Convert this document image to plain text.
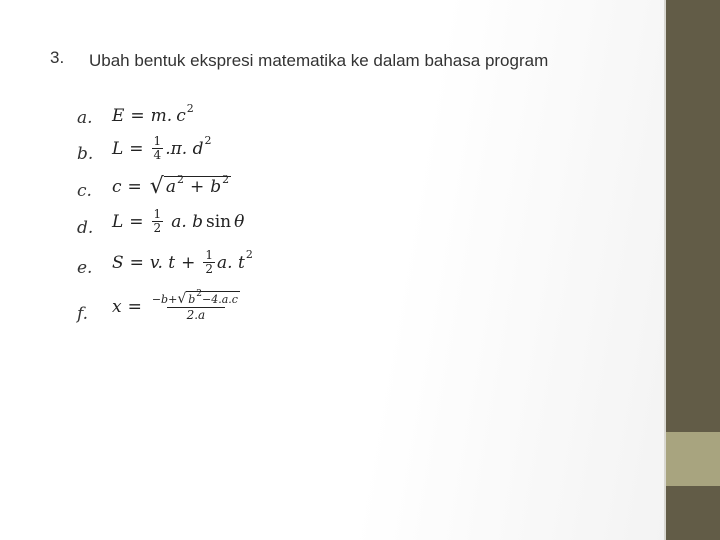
3. Ubah bentuk ekspresi matematika ke dalam bahasa program
a. E = m. c 2
b. $L = \frac{1}{4} .\pi$. d 2
c. c = √ a 2 + b 2
d. $L = \frac{1}{2} a$. b sin θ
e. S = v. $t + \frac{1}{2} a$. t 2
f.	x = −b+ √ b 2 −4.a.c
2.a
